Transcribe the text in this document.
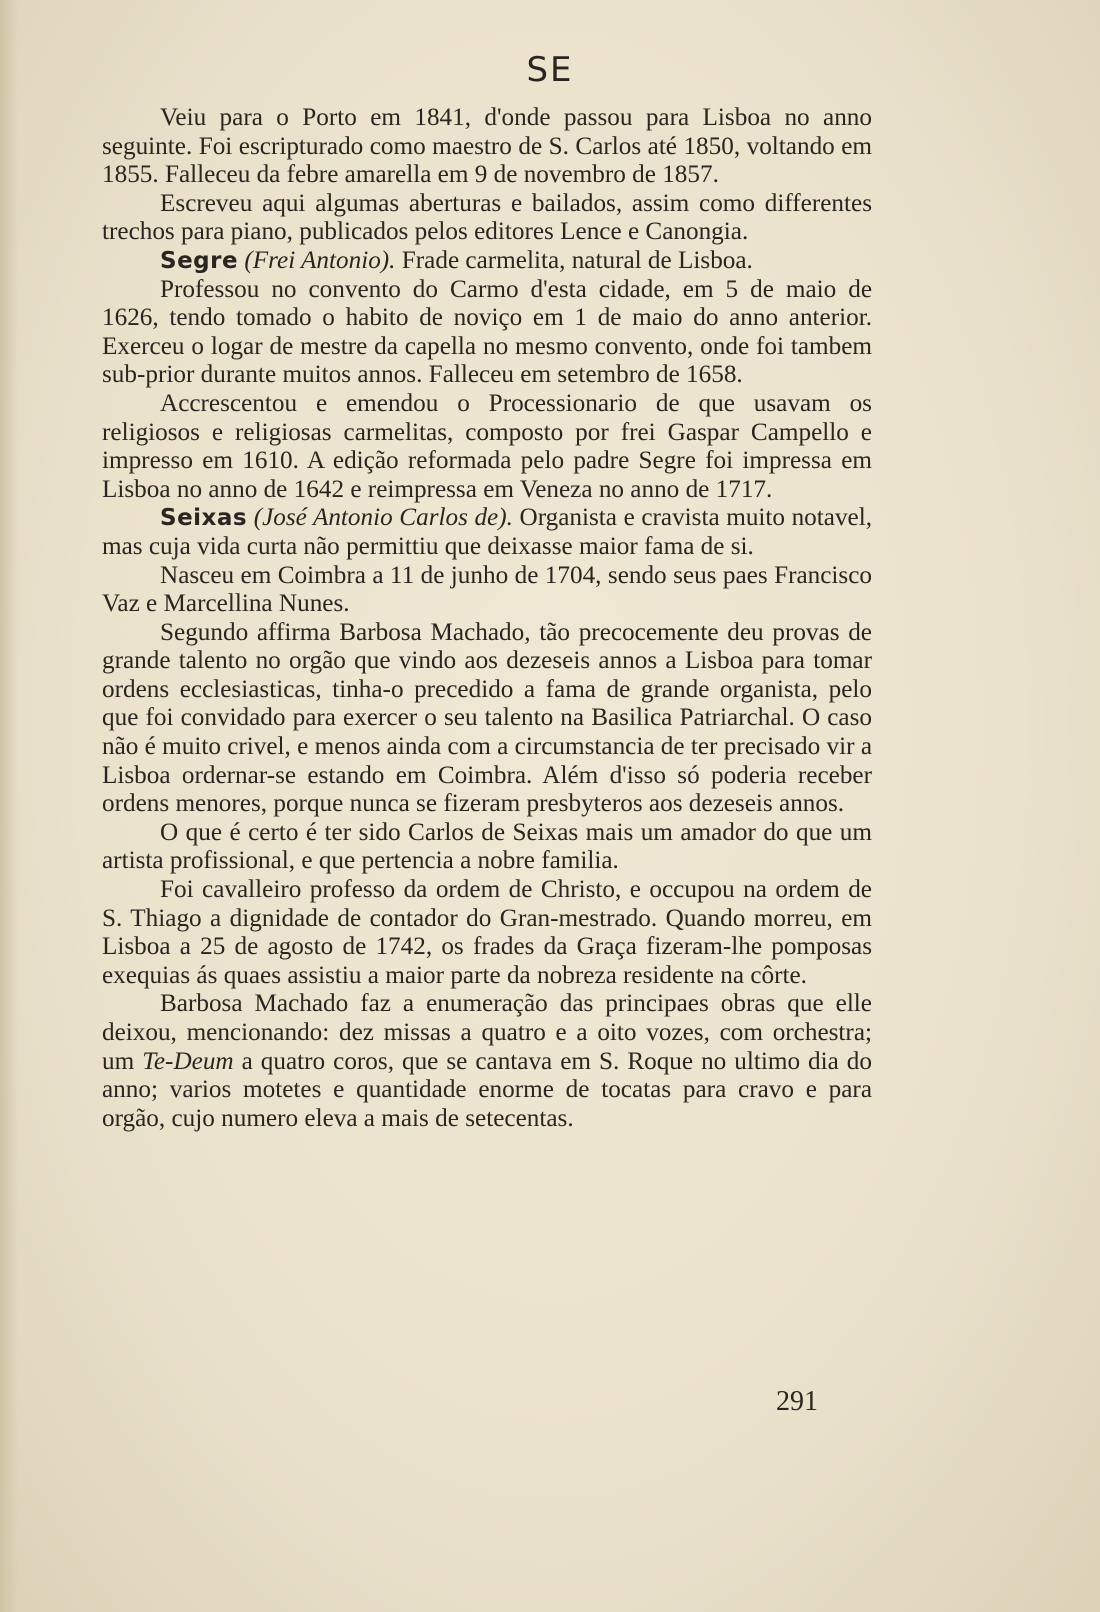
SE

Veiu para o Porto em 1841, d'onde passou para Lisboa no anno seguinte. Foi escripturado como maestro de S. Carlos até 1850, voltando em 1855. Falleceu da febre amarella em 9 de novembro de 1857.

Escreveu aqui algumas aberturas e bailados, assim como differentes trechos para piano, publicados pelos editores Lence e Canongia.

Segre (Frei Antonio). Frade carmelita, natural de Lisboa.

Professou no convento do Carmo d'esta cidade, em 5 de maio de 1626, tendo tomado o habito de noviço em 1 de maio do anno anterior. Exerceu o logar de mestre da capella no mesmo convento, onde foi tambem sub-prior durante muitos annos. Falleceu em setembro de 1658.

Accrescentou e emendou o Processionario de que usavam os religiosos e religiosas carmelitas, composto por frei Gaspar Campello e impresso em 1610. A edição reformada pelo padre Segre foi impressa em Lisboa no anno de 1642 e reimpressa em Veneza no anno de 1717.

Seixas (José Antonio Carlos de). Organista e cravista muito notavel, mas cuja vida curta não permittiu que deixasse maior fama de si.

Nasceu em Coimbra a 11 de junho de 1704, sendo seus paes Francisco Vaz e Marcellina Nunes.

Segundo affirma Barbosa Machado, tão precocemente deu provas de grande talento no orgão que vindo aos dezeseis annos a Lisboa para tomar ordens ecclesiasticas, tinha-o precedido a fama de grande organista, pelo que foi convidado para exercer o seu talento na Basilica Patriarchal. O caso não é muito crivel, e menos ainda com a circumstancia de ter precisado vir a Lisboa ordernar-se estando em Coimbra. Além d'isso só poderia receber ordens menores, porque nunca se fizeram presbyteros aos dezeseis annos.

O que é certo é ter sido Carlos de Seixas mais um amador do que um artista profissional, e que pertencia a nobre familia.

Foi cavalleiro professo da ordem de Christo, e occupou na ordem de S. Thiago a dignidade de contador do Gran-mestrado. Quando morreu, em Lisboa a 25 de agosto de 1742, os frades da Graça fizeram-lhe pomposas exequias ás quaes assistiu a maior parte da nobreza residente na côrte.

Barbosa Machado faz a enumeração das principaes obras que elle deixou, mencionando: dez missas a quatro e a oito vozes, com orchestra; um Te-Deum a quatro coros, que se cantava em S. Roque no ultimo dia do anno; varios motetes e quantidade enorme de tocatas para cravo e para orgão, cujo numero eleva a mais de setecentas.

291
